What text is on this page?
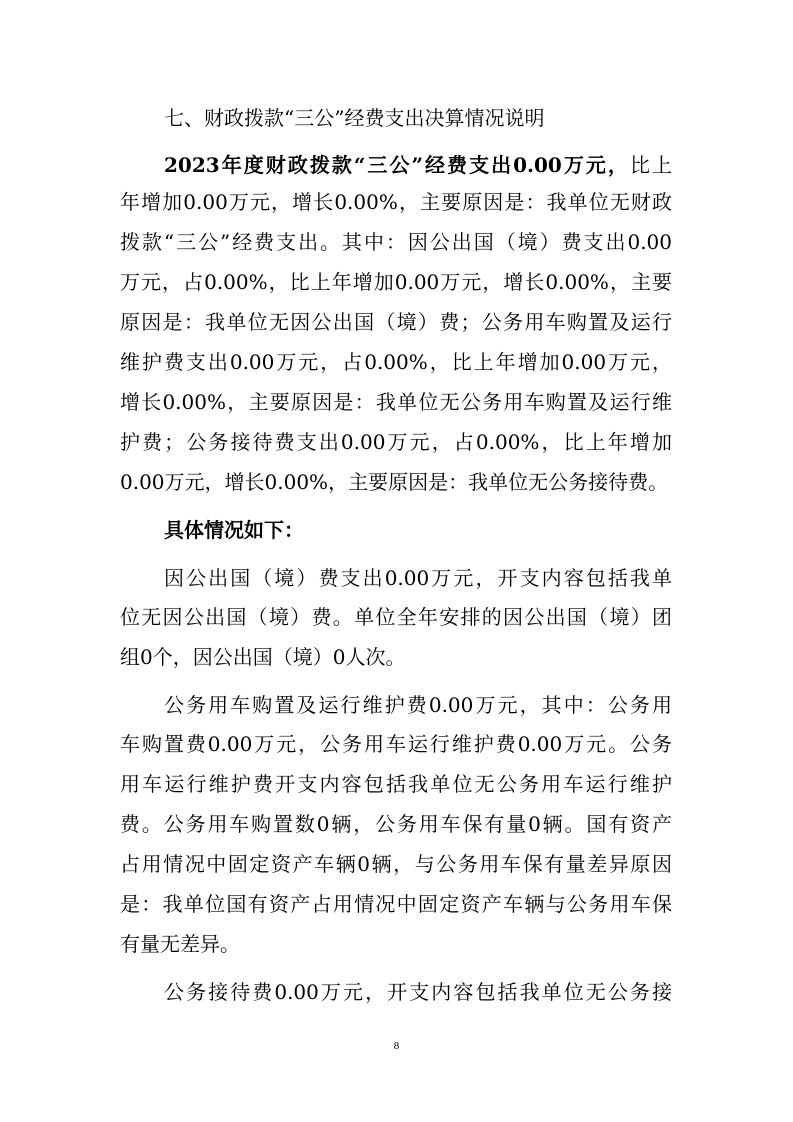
七、财政拨款“三公”经费支出决算情况说明
2023年度财政拨款“三公”经费支出0.00万元，比上
年增加0.00万元，增长0.00%，主要原因是：我单位无财政
拨款“三公”经费支出。其中：因公出国（境）费支出0.00
万元，占0.00%，比上年增加0.00万元，增长0.00%，主要
原因是：我单位无因公出国（境）费；公务用车购置及运行
维护费支出0.00万元，占0.00%，比上年增加0.00万元，
增长0.00%，主要原因是：我单位无公务用车购置及运行维
护费；公务接待费支出0.00万元，占0.00%，比上年增加
0.00万元，增长0.00%，主要原因是：我单位无公务接待费。
具体情况如下：
因公出国（境）费支出0.00万元，开支内容包括我单
位无因公出国（境）费。单位全年安排的因公出国（境）团
组0个，因公出国（境）0人次。
公务用车购置及运行维护费0.00万元，其中：公务用
车购置费0.00万元，公务用车运行维护费0.00万元。公务
用车运行维护费开支内容包括我单位无公务用车运行维护
费。公务用车购置数0辆，公务用车保有量0辆。国有资产
占用情况中固定资产车辆0辆，与公务用车保有量差异原因
是：我单位国有资产占用情况中固定资产车辆与公务用车保
有量无差异。
公务接待费0.00万元，开支内容包括我单位无公务接
8
